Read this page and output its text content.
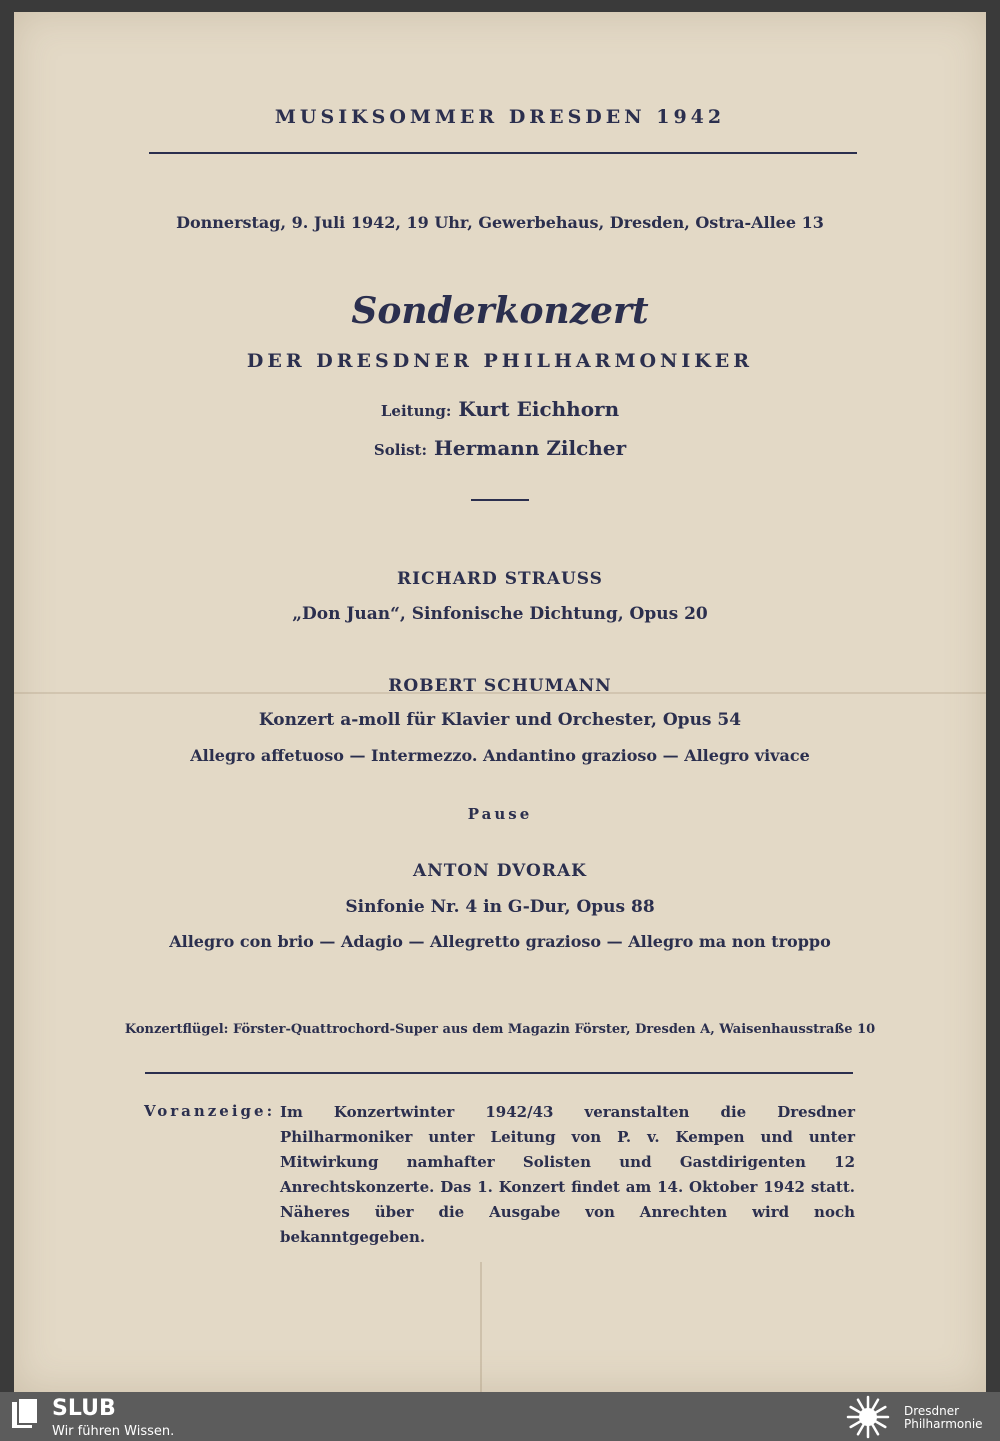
MUSIKSOMMER DRESDEN 1942
Donnerstag, 9. Juli 1942, 19 Uhr, Gewerbehaus, Dresden, Ostra-Allee 13
Sonderkonzert
DER DRESDNER PHILHARMONIKER
Leitung: Kurt Eichhorn
Solist: Hermann Zilcher
RICHARD STRAUSS
„Don Juan“, Sinfonische Dichtung, Opus 20
ROBERT SCHUMANN
Konzert a-moll für Klavier und Orchester, Opus 54
Allegro affetuoso — Intermezzo. Andantino grazioso — Allegro vivace
Pause
ANTON DVORAK
Sinfonie Nr. 4 in G-Dur, Opus 88
Allegro con brio — Adagio — Allegretto grazioso — Allegro ma non troppo
Konzertflügel: Förster-Quattrochord-Super aus dem Magazin Förster, Dresden A, Waisenhausstraße 10
Voranzeige: Im Konzertwinter 1942/43 veranstalten die Dresdner Philharmoniker unter Leitung von P. v. Kempen und unter Mitwirkung namhafter Solisten und Gastdirigenten 12 Anrechtskonzerte. Das 1. Konzert findet am 14. Oktober 1942 statt. Näheres über die Ausgabe von Anrechten wird noch bekanntgegeben.
SLUB
Wir führen Wissen.
Dresdner
Philharmonie
